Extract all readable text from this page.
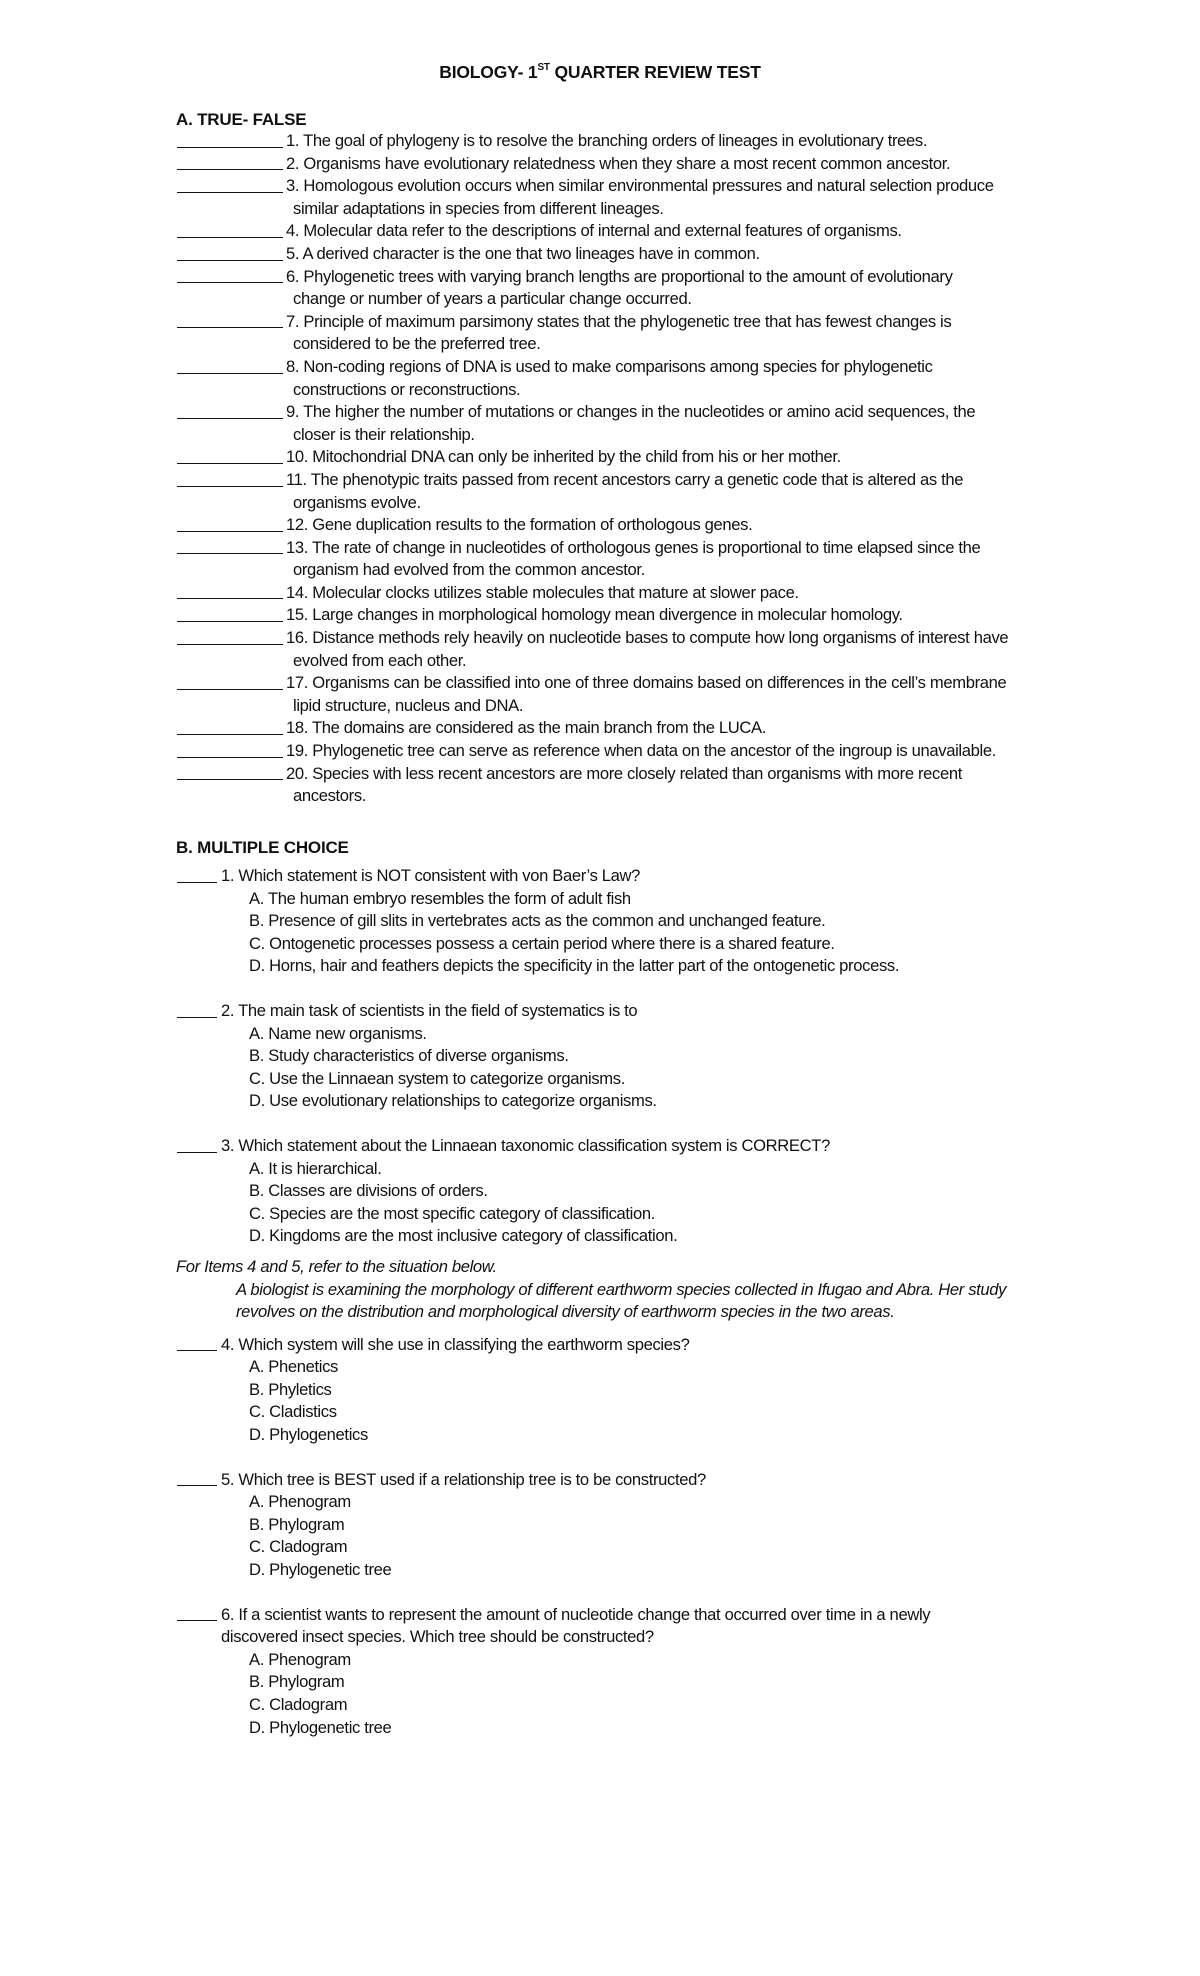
BIOLOGY- 1ST QUARTER REVIEW TEST
A. TRUE- FALSE
1. The goal of phylogeny is to resolve the branching orders of lineages in evolutionary trees.
2. Organisms have evolutionary relatedness when they share a most recent common ancestor.
3. Homologous evolution occurs when similar environmental pressures and natural selection produce
similar adaptations in species from different lineages.
4. Molecular data refer to the descriptions of internal and external features of organisms.
5. A derived character is the one that two lineages have in common.
6. Phylogenetic trees with varying branch lengths are proportional to the amount of evolutionary
change or number of years a particular change occurred.
7. Principle of maximum parsimony states that the phylogenetic tree that has fewest changes is
considered to be the preferred tree.
8. Non-coding regions of DNA is used to make comparisons among species for phylogenetic
constructions or reconstructions.
9. The higher the number of mutations or changes in the nucleotides or amino acid sequences, the
closer is their relationship.
10. Mitochondrial DNA can only be inherited by the child from his or her mother.
11. The phenotypic traits passed from recent ancestors carry a genetic code that is altered as the
organisms evolve.
12. Gene duplication results to the formation of orthologous genes.
13. The rate of change in nucleotides of orthologous genes is proportional to time elapsed since the
organism had evolved from the common ancestor.
14. Molecular clocks utilizes stable molecules that mature at slower pace.
15. Large changes in morphological homology mean divergence in molecular homology.
16. Distance methods rely heavily on nucleotide bases to compute how long organisms of interest have
evolved from each other.
17. Organisms can be classified into one of three domains based on differences in the cell’s membrane
lipid structure, nucleus and DNA.
18. The domains are considered as the main branch from the LUCA.
19. Phylogenetic tree can serve as reference when data on the ancestor of the ingroup is unavailable.
20. Species with less recent ancestors are more closely related than organisms with more recent
ancestors.
B. MULTIPLE CHOICE
1. Which statement is NOT consistent with von Baer’s Law?
A. The human embryo resembles the form of adult fish
B. Presence of gill slits in vertebrates acts as the common and unchanged feature.
C. Ontogenetic processes possess a certain period where there is a shared feature.
D. Horns, hair and feathers depicts the specificity in the latter part of the ontogenetic process.
2. The main task of scientists in the field of systematics is to
A. Name new organisms.
B. Study characteristics of diverse organisms.
C. Use the Linnaean system to categorize organisms.
D. Use evolutionary relationships to categorize organisms.
3. Which statement about the Linnaean taxonomic classification system is CORRECT?
A. It is hierarchical.
B. Classes are divisions of orders.
C. Species are the most specific category of classification.
D. Kingdoms are the most inclusive category of classification.
For Items 4 and 5, refer to the situation below.
A biologist is examining the morphology of different earthworm species collected in Ifugao and Abra. Her study
revolves on the distribution and morphological diversity of earthworm species in the two areas.
4. Which system will she use in classifying the earthworm species?
A. Phenetics
B. Phyletics
C. Cladistics
D. Phylogenetics
5. Which tree is BEST used if a relationship tree is to be constructed?
A. Phenogram
B. Phylogram
C. Cladogram
D. Phylogenetic tree
6. If a scientist wants to represent the amount of nucleotide change that occurred over time in a newly
discovered insect species. Which tree should be constructed?
A. Phenogram
B. Phylogram
C. Cladogram
D. Phylogenetic tree
